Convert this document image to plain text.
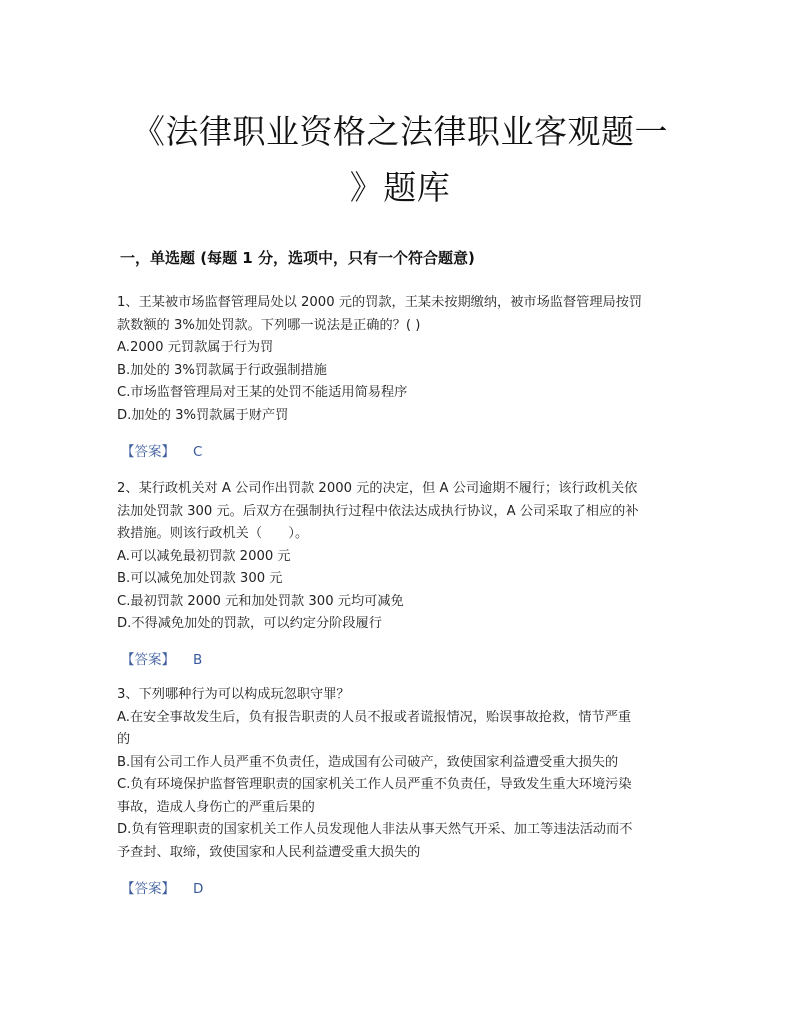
《法律职业资格之法律职业客观题一
》题库
一，单选题 (每题 1 分，选项中，只有一个符合题意)
1、王某被市场监督管理局处以 2000 元的罚款，王某未按期缴纳，被市场监督管理局按罚
款数额的 3%加处罚款。下列哪一说法是正确的？( )
A.2000 元罚款属于行为罚
B.加处的 3%罚款属于行政强制措施
C.市场监督管理局对王某的处罚不能适用简易程序
D.加处的 3%罚款属于财产罚
【答案】 C
2、某行政机关对 A 公司作出罚款 2000 元的决定，但 A 公司逾期不履行；该行政机关依
法加处罚款 300 元。后双方在强制执行过程中依法达成执行协议，A 公司采取了相应的补
救措施。则该行政机关（　　）。
A.可以减免最初罚款 2000 元
B.可以减免加处罚款 300 元
C.最初罚款 2000 元和加处罚款 300 元均可减免
D.不得减免加处的罚款，可以约定分阶段履行
【答案】 B
3、下列哪种行为可以构成玩忽职守罪？
A.在安全事故发生后，负有报告职责的人员不报或者谎报情况，贻误事故抢救，情节严重
的
B.国有公司工作人员严重不负责任，造成国有公司破产，致使国家利益遭受重大损失的
C.负有环境保护监督管理职责的国家机关工作人员严重不负责任，导致发生重大环境污染
事故，造成人身伤亡的严重后果的
D.负有管理职责的国家机关工作人员发现他人非法从事天然气开采、加工等违法活动而不
予查封、取缔，致使国家和人民利益遭受重大损失的
【答案】 D
